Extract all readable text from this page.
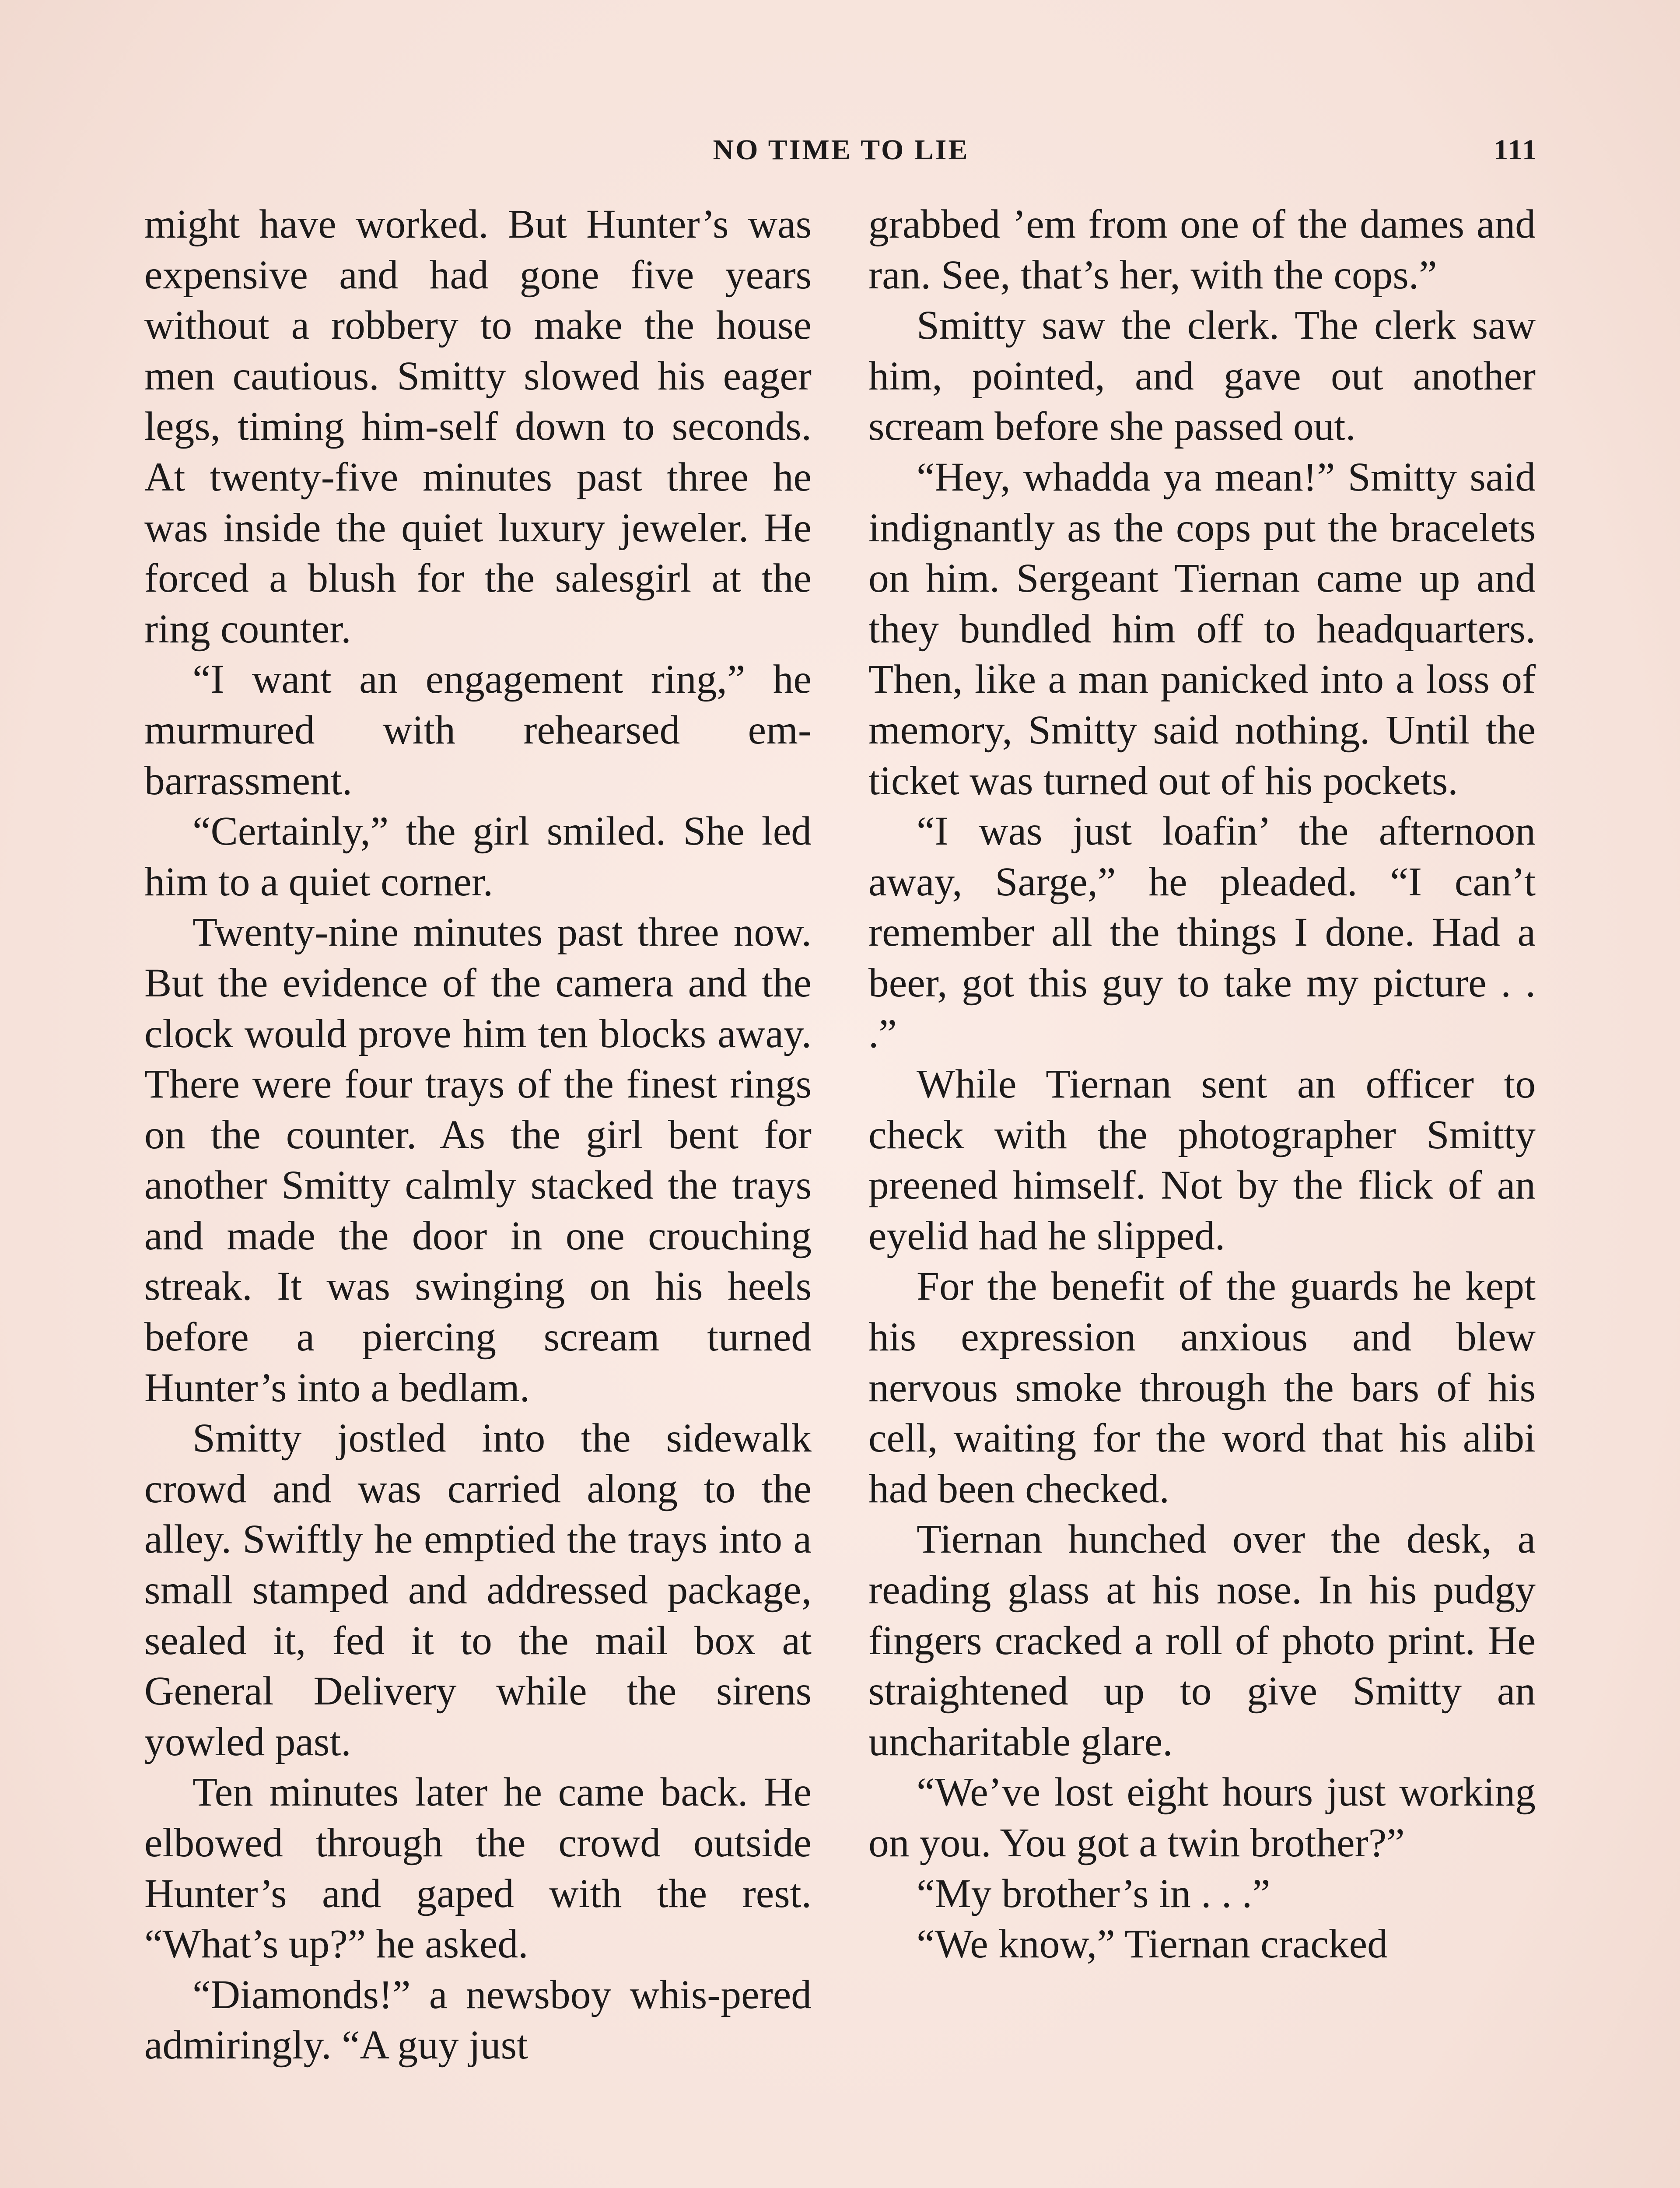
NO TIME TO LIE	111

might have worked. But Hunter’s was expensive and had gone five years without a robbery to make the house men cautious. Smitty slowed his eager legs, timing him-self down to seconds. At twenty-five minutes past three he was inside the quiet luxury jeweler. He forced a blush for the salesgirl at the ring counter.

“I want an engagement ring,” he murmured with rehearsed em-barrassment.

“Certainly,” the girl smiled. She led him to a quiet corner.

Twenty-nine minutes past three now. But the evidence of the camera and the clock would prove him ten blocks away. There were four trays of the finest rings on the counter. As the girl bent for another Smitty calmly stacked the trays and made the door in one crouching streak. It was swinging on his heels before a piercing scream turned Hunter’s into a bedlam.

Smitty jostled into the sidewalk crowd and was carried along to the alley. Swiftly he emptied the trays into a small stamped and addressed package, sealed it, fed it to the mail box at General Delivery while the sirens yowled past.

Ten minutes later he came back. He elbowed through the crowd outside Hunter’s and gaped with the rest. “What’s up?” he asked.

“Diamonds!” a newsboy whis-pered admiringly. “A guy just

grabbed ’em from one of the dames and ran. See, that’s her, with the cops.”

Smitty saw the clerk. The clerk saw him, pointed, and gave out another scream before she passed out.

“Hey, whadda ya mean!” Smitty said indignantly as the cops put the bracelets on him. Sergeant Tiernan came up and they bundled him off to headquarters. Then, like a man panicked into a loss of memory, Smitty said nothing. Until the ticket was turned out of his pockets.

“I was just loafin’ the afternoon away, Sarge,” he pleaded. “I can’t remember all the things I done. Had a beer, got this guy to take my picture . . .”

While Tiernan sent an officer to check with the photographer Smitty preened himself. Not by the flick of an eyelid had he slipped.

For the benefit of the guards he kept his expression anxious and blew nervous smoke through the bars of his cell, waiting for the word that his alibi had been checked.

Tiernan hunched over the desk, a reading glass at his nose. In his pudgy fingers cracked a roll of photo print. He straightened up to give Smitty an uncharitable glare.

“We’ve lost eight hours just working on you. You got a twin brother?”

“My brother’s in . . .”

“We know,” Tiernan cracked
